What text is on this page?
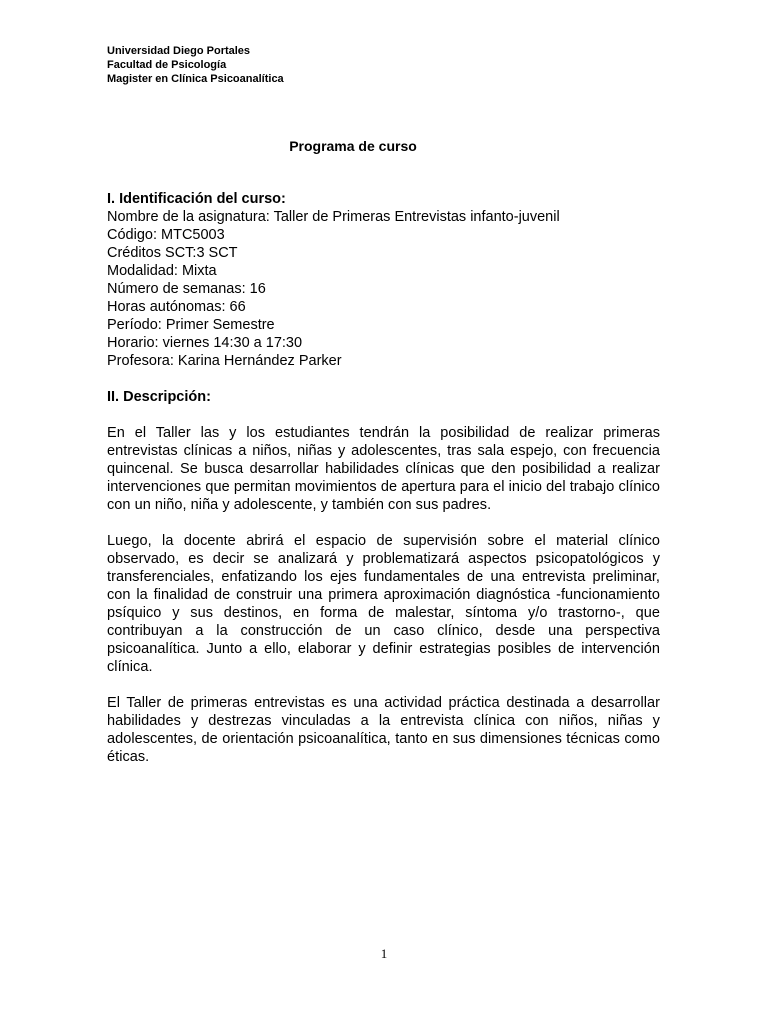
Universidad Diego Portales
Facultad de Psicología
Magister en Clínica Psicoanalítica
Programa de curso

I. Identificación del curso:

Nombre de la asignatura: Taller de Primeras Entrevistas infanto-juvenil

Código: MTC5003

Créditos SCT:3 SCT

Modalidad: Mixta

Número de semanas: 16

Horas autónomas: 66

Período: Primer Semestre

Horario: viernes 14:30 a 17:30

Profesora: Karina Hernández Parker

II. Descripción:

En el Taller las y los estudiantes tendrán la posibilidad de realizar primeras entrevistas clínicas a niños, niñas y adolescentes, tras sala espejo, con frecuencia quincenal. Se busca desarrollar habilidades clínicas que den posibilidad a realizar intervenciones que permitan movimientos de apertura para el inicio del trabajo clínico con un niño, niña y adolescente, y también con sus padres.

Luego, la docente abrirá el espacio de supervisión sobre el material clínico observado, es decir se analizará y problematizará aspectos psicopatológicos y transferenciales, enfatizando los ejes fundamentales de una entrevista preliminar, con la finalidad de construir una primera aproximación diagnóstica -funcionamiento psíquico y sus destinos, en forma de malestar, síntoma y/o trastorno-, que contribuyan a la construcción de un caso clínico, desde una perspectiva psicoanalítica. Junto a ello, elaborar y definir estrategias posibles de intervención clínica.

El Taller de primeras entrevistas es una actividad práctica destinada a desarrollar habilidades y destrezas vinculadas a la entrevista clínica con niños, niñas y adolescentes, de orientación psicoanalítica, tanto en sus dimensiones técnicas como éticas.

1
